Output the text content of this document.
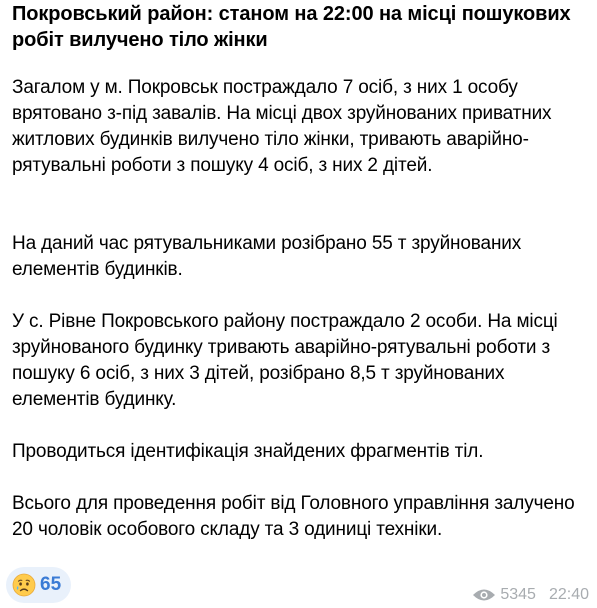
Покровський район: станом на 22:00 на місці пошукових
робіт вилучено тіло жінки

Загалом у м. Покровськ постраждало 7 осіб, з них 1 особу врятовано з-під завалів. На місці двох зруйнованих приватних житлових будинків вилучено тіло жінки, тривають аварійно-рятувальні роботи з пошуку 4 осіб, з них 2 дітей.

На даний час рятувальниками розібрано 55 т зруйнованих елементів будинків.

У с. Рівне Покровського району постраждало 2 особи. На місці зруйнованого будинку тривають аварійно-рятувальні роботи з пошуку 6 осіб, з них 3 дітей, розібрано 8,5 т зруйнованих елементів будинку.

Проводиться ідентифікація знайдених фрагментів тіл.

Всього для проведення робіт від Головного управління залучено 20 чоловік особового складу та 3 одиниці техніки.

65	5345 22:40
